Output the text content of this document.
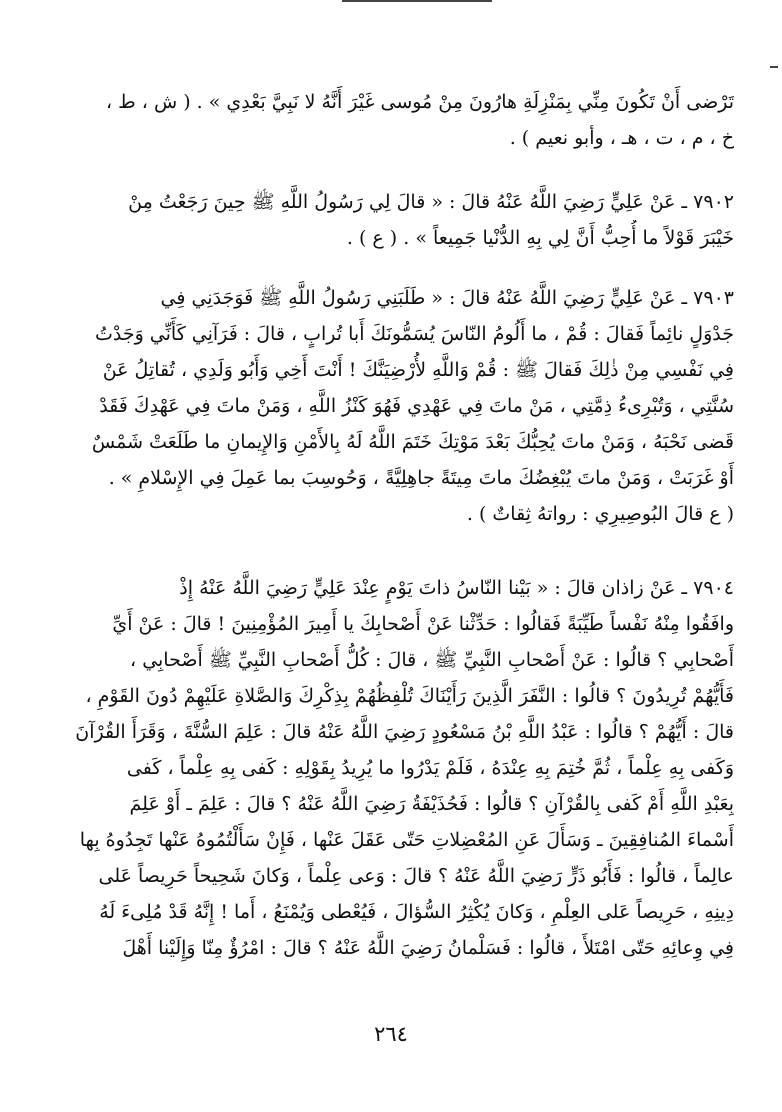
تَرْضى أَنْ تَكُونَ مِنِّي بِمَنْزِلَةِ هارُونَ مِنْ مُوسى غَيْرَ أَنَّهُ لا نَبِيَّ بَعْدِي » . ( ش ، ط ،
خ ، م ، ت ، هـ ، وأبو نعيم ) .
٧٩٠٢ ـ عَنْ عَلِيٍّ رَضِيَ اللَّهُ عَنْهُ قالَ : « قالَ لِي رَسُولُ اللَّهِ ﷺ حِينَ رَجَعْتُ مِنْ
خَيْبَرَ قَوْلاً ما أُحِبُّ أَنَّ لِي بِهِ الدُّنْيا جَمِيعاً » . ( ع ) .
٧٩٠٣ ـ عَنْ عَلِيٍّ رَضِيَ اللَّهُ عَنْهُ قالَ : « طَلَبَنِي رَسُولُ اللَّهِ ﷺ فَوَجَدَنِي فِي
جَدْوَلٍ نائِماً فَقالَ : قُمْ ، ما أَلُومُ النّاسَ يُسَمُّونَكَ أَبا تُرابٍ ، قالَ : فَرَآنِي كَأَنِّي وَجَدْتُ
فِي نَفْسِي مِنْ ذٰلِكَ فَقالَ ﷺ : قُمْ وَاللَّهِ لأُرْضِيَنَّكَ ! أَنْتَ أَخِي وَأَبُو وَلَدِي ، تُقاتِلُ عَنْ
سُنَّتِي ، وَتُبْرِىءُ ذِمَّتِي ، مَنْ ماتَ فِي عَهْدِي فَهُوَ كَنْزُ اللَّهِ ، وَمَنْ ماتَ فِي عَهْدِكَ فَقَدْ
قَضى نَحْبَهُ ، وَمَنْ ماتَ يُحِبُّكَ بَعْدَ مَوْتِكَ خَتَمَ اللَّهُ لَهُ بِالأَمْنِ وَالإِيمانِ ما طَلَعَتْ شَمْسٌ
أَوْ غَرَبَتْ ، وَمَنْ ماتَ يُبْغِضُكَ ماتَ مِيتَةً جاهِلِيَّةً ، وَحُوسِبَ بما عَمِلَ فِي الإِسْلامِ » .
( ع قالَ البُوصِيرِي : رواتهُ ثِقاتٌ ) .
٧٩٠٤ ـ عَنْ زاذان قالَ : « بَيْنا النّاسُ ذاتَ يَوْمٍ عِنْدَ عَلِيٍّ رَضِيَ اللَّهُ عَنْهُ إِذْ
وافَقُوا مِنْهُ نَفْساً طَيِّبَةً فَقالُوا : حَدِّثْنا عَنْ أَصْحابِكَ يا أَمِيرَ المُؤْمِنِينَ ! قالَ : عَنْ أَيِّ
أَصْحابِي ؟ قالُوا : عَنْ أَصْحابِ النَّبِيِّ ﷺ ، قالَ : كُلُّ أَصْحابِ النَّبِيِّ ﷺ أَصْحابِي ،
فَأَيُّهُمْ تُرِيدُونَ ؟ قالُوا : النَّفَرَ الَّذِينَ رَأَيْنَاكَ تُلْفِظُهُمْ بِذِكْرِكَ وَالصَّلاةِ عَلَيْهِمْ دُونَ القَوْمِ ،
قالَ : أَيُّهُمْ ؟ قالُوا : عَبْدُ اللَّهِ بْنُ مَسْعُودٍ رَضِيَ اللَّهُ عَنْهُ قالَ : عَلِمَ السُّنَّةَ ، وَقَرَأَ القُرْآنَ
وَكَفى بِهِ عِلْماً ، ثُمَّ خُتِمَ بِهِ عِنْدَهُ ، فَلَمْ يَدْرُوا ما يُرِيدُ بِقَوْلِهِ : كَفى بِهِ عِلْماً ، كَفى
بِعَبْدِ اللَّهِ أَمْ كَفى بِالقُرْآنِ ؟ قالُوا : فَحُذَيْفَةُ رَضِيَ اللَّهُ عَنْهُ ؟ قالَ : عَلِمَ ـ أَوْ عَلِمَ
أَسْماءَ المُنافِقِينَ ـ وَسَأَلَ عَنِ المُعْضِلاتِ حَتّى عَقَلَ عَنْها ، فَإِنْ سَأَلْتُمُوهُ عَنْها تَجِدُوهُ بِها
عالِماً ، قالُوا : فَأَبُو ذَرٍّ رَضِيَ اللَّهُ عَنْهُ ؟ قالَ : وَعى عِلْماً ، وَكانَ شَحِيحاً حَرِيصاً عَلى
دِينِهِ ، حَرِيصاً عَلى العِلْمِ ، وَكانَ يُكْثِرُ السُّؤالَ ، فَيُعْطى وَيُمْنَعُ ، أَما ! إِنَّهُ قَدْ مُلِىءَ لَهُ
فِي وِعائِهِ حَتّى امْتَلأَ ، قالُوا : فَسَلْمانُ رَضِيَ اللَّهُ عَنْهُ ؟ قالَ : امْرُؤٌ مِنّا وَإِلَيْنا أَهْلَ
٢٦٤
